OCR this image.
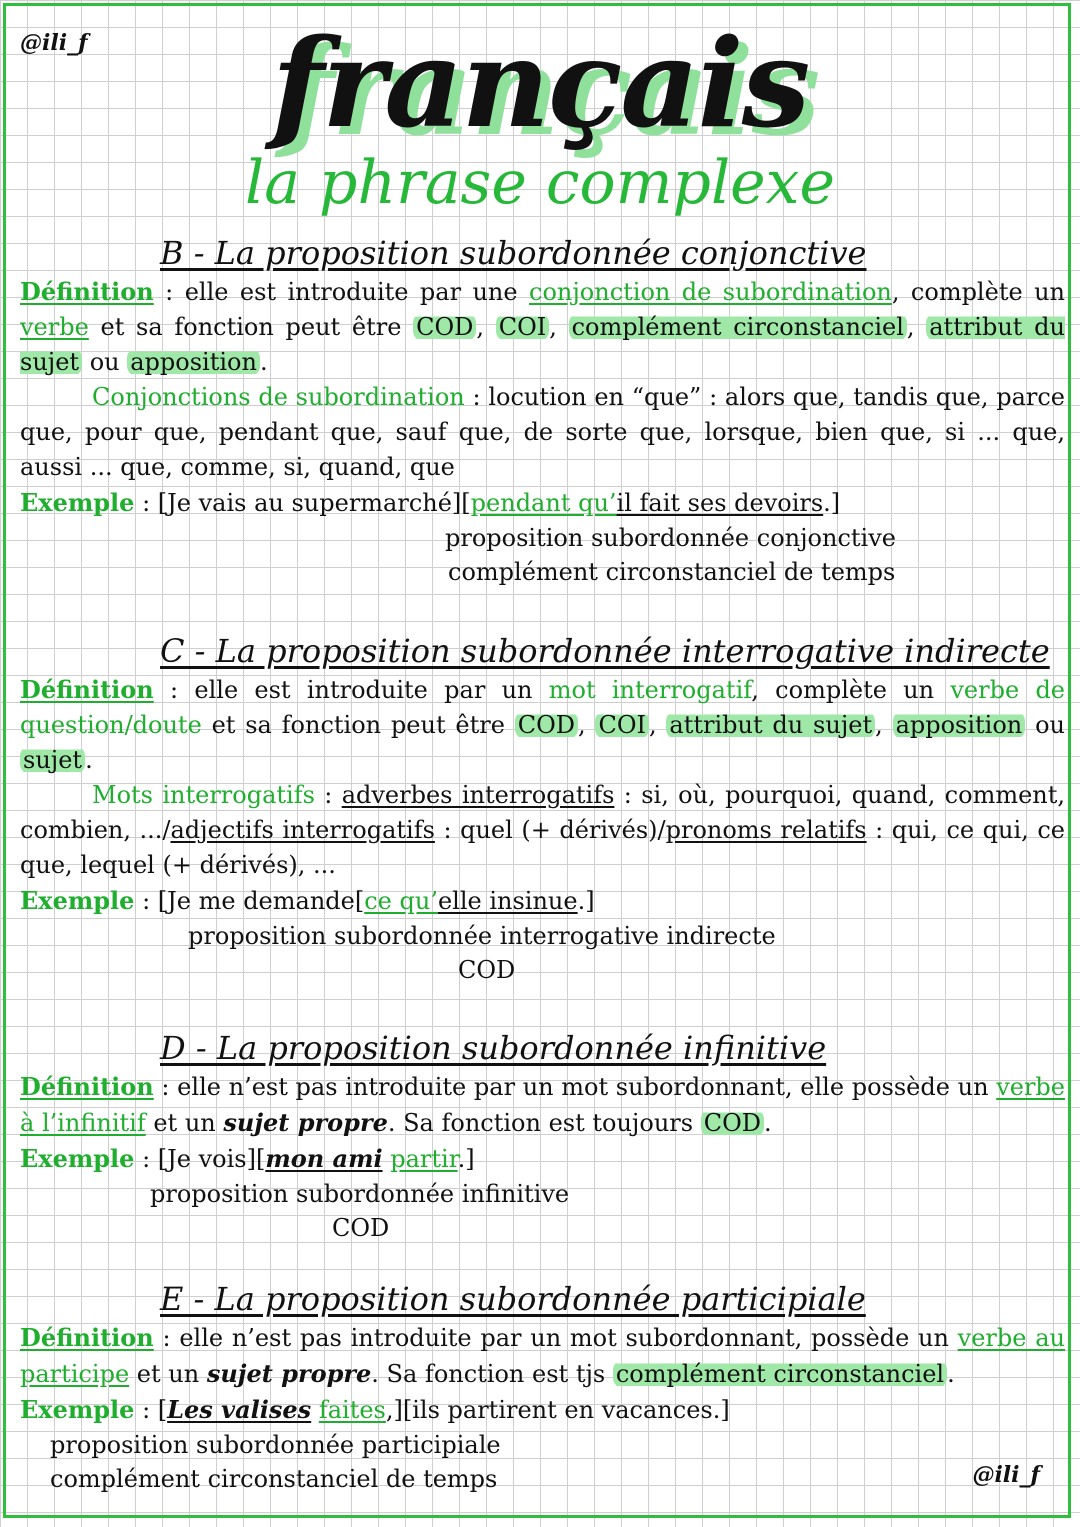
@ili_f	français
la phrase complexe
B - La proposition subordonnée conjonctive

Définition : elle est introduite par une conjonction de subordination, complète un verbe et sa fonction peut être COD , COI , complément circonstanciel , attribut du sujet ou apposition .

Conjonctions de subordination : locution en “que” : alors que, tandis que, parce que, pour que, pendant que, sauf que, de sorte que, lorsque, bien que, si ... que, aussi ... que, comme, si, quand, que

Exemple : [Je vais au supermarché][pendant qu’il fait ses devoirs.]

proposition subordonnée conjonctive
complément circonstanciel de temps
C - La proposition subordonnée interrogative indirecte

Définition : elle est introduite par un mot interrogatif, complète un verbe de question/doute et sa fonction peut être COD , COI , attribut du sujet , apposition ou sujet .

Mots interrogatifs : adverbes interrogatifs : si, où, pourquoi, quand, comment, combien, .../adjectifs interrogatifs : quel (+ dérivés)/pronoms relatifs : qui, ce qui, ce que, lequel (+ dérivés), ...

Exemple : [Je me demande[ce qu’elle insinue.]

proposition subordonnée interrogative indirecte
COD
D - La proposition subordonnée infinitive

Définition : elle n’est pas introduite par un mot subordonnant, elle possède un verbe à l’infinitif et un sujet propre. Sa fonction est toujours COD .

Exemple : [Je vois][mon ami partir.]

proposition subordonnée infinitive
COD
E - La proposition subordonnée participiale

Définition : elle n’est pas introduite par un mot subordonnant, possède un verbe au participe et un sujet propre. Sa fonction est tjs complément circonstanciel .

Exemple : [Les valises faites,][ils partirent en vacances.]

proposition subordonnée participiale
complément circonstanciel de temps	@ili_f
